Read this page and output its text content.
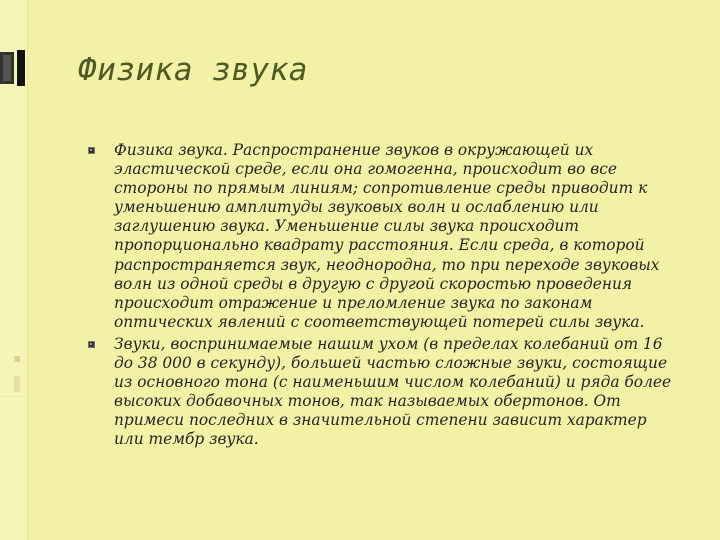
Физика звука
Физика звука. Распространение звуков в окружающей их эластической среде, если она гомогенна, происходит во все стороны по прямым линиям; сопротивление среды приводит к уменьшению амплитуды звуковых волн и ослаблению или заглушению звука. Уменьшение силы звука происходит пропорционально квадрату расстояния. Если среда, в которой распространяется звук, неоднородна, то при переходе звуковых волн из одной среды в другую с другой скоростью проведения происходит отражение и преломление звука по законам оптических явлений с соответствующей потерей силы звука.
Звуки, воспринимаемые нашим ухом (в пределах колебаний от 16 до 38 000 в секунду), большей частью сложные звуки, состоящие из основного тона (с наименьшим числом колебаний) и ряда более высоких добавочных тонов, так называемых обертонов. От примеси последних в значительной степени зависит характер или тембр звука.
